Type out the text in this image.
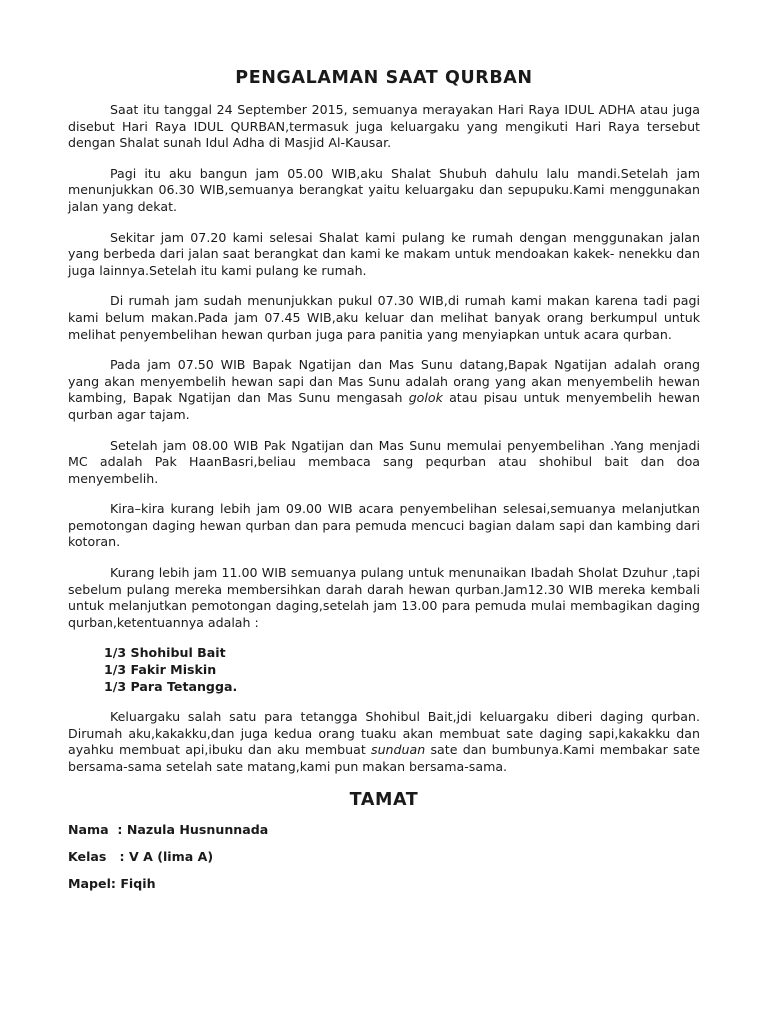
PENGALAMAN SAAT QURBAN

Saat itu tanggal 24 September 2015, semuanya merayakan Hari Raya IDUL ADHA atau juga disebut Hari Raya IDUL QURBAN,termasuk juga keluargaku yang mengikuti Hari Raya tersebut dengan Shalat sunah Idul Adha di Masjid Al-Kausar.

Pagi itu aku bangun jam 05.00 WIB,aku Shalat Shubuh dahulu lalu mandi.Setelah jam menunjukkan 06.30 WIB,semuanya berangkat yaitu keluargaku dan sepupuku.Kami menggunakan jalan yang dekat.

Sekitar jam 07.20 kami selesai Shalat kami pulang ke rumah dengan menggunakan jalan yang berbeda dari jalan saat berangkat dan kami ke makam untuk mendoakan kakek- nenekku dan juga lainnya.Setelah itu kami pulang ke rumah.

Di rumah jam sudah menunjukkan pukul 07.30 WIB,di rumah kami makan karena tadi pagi kami belum makan.Pada jam 07.45 WIB,aku keluar dan melihat banyak orang berkumpul untuk melihat penyembelihan hewan qurban juga para panitia yang menyiapkan untuk acara qurban.

Pada jam 07.50 WIB Bapak Ngatijan dan Mas Sunu datang,Bapak Ngatijan adalah orang yang akan menyembelih hewan sapi dan Mas Sunu adalah orang yang akan menyembelih hewan kambing, Bapak Ngatijan dan Mas Sunu mengasah golok atau pisau untuk menyembelih hewan qurban agar tajam.

Setelah jam 08.00 WIB Pak Ngatijan dan Mas Sunu memulai penyembelihan .Yang menjadi MC adalah Pak HaanBasri,beliau membaca sang pequrban atau shohibul bait dan doa menyembelih.

Kira–kira kurang lebih jam 09.00 WIB acara penyembelihan selesai,semuanya melanjutkan pemotongan daging hewan qurban dan para pemuda mencuci bagian dalam sapi dan kambing dari kotoran.

Kurang lebih jam 11.00 WIB semuanya pulang untuk menunaikan Ibadah Sholat Dzuhur ,tapi sebelum pulang mereka membersihkan darah darah hewan qurban.Jam12.30 WIB mereka kembali untuk melanjutkan pemotongan daging,setelah jam 13.00 para pemuda mulai membagikan daging qurban,ketentuannya adalah :

1/3 Shohibul Bait
1/3 Fakir Miskin
1/3 Para Tetangga.

Keluargaku salah satu para tetangga Shohibul Bait,jdi keluargaku diberi daging qurban. Dirumah aku,kakakku,dan juga kedua orang tuaku akan membuat sate daging sapi,kakakku dan ayahku membuat api,ibuku dan aku membuat sunduan sate dan bumbunya.Kami membakar sate bersama-sama setelah sate matang,kami pun makan bersama-sama.

TAMAT
Nama  : Nazula Husnunnada
Kelas   : V A (lima A)
Mapel: Fiqih
